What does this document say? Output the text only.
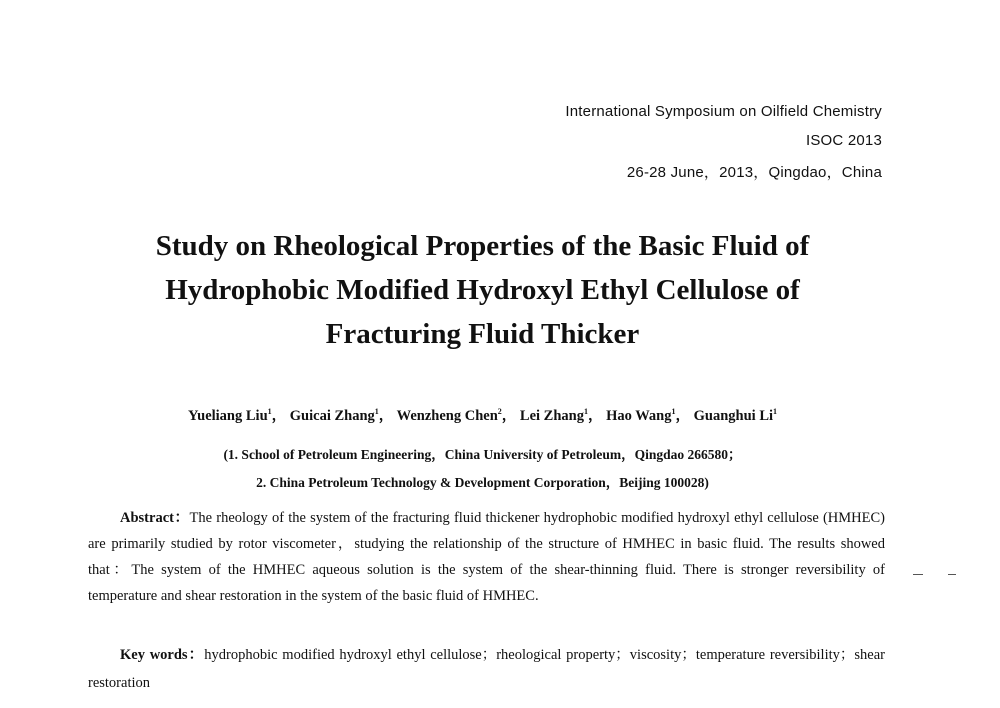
International Symposium on Oilfield Chemistry
ISOC 2013
26-28 June，2013，Qingdao，China
Study on Rheological Properties of the Basic Fluid of
Hydrophobic Modified Hydroxyl Ethyl Cellulose of
Fracturing Fluid Thicker
Yueliang Liu$^1$， Guicai Zhang$^1$， Wenzheng Chen$^2$， Lei Zhang$^1$， Hao Wang$^1$， Guanghui Li$^1$
(1. School of Petroleum Engineering，China University of Petroleum，Qingdao 266580；
2. China Petroleum Technology & Development Corporation，Beijing 100028)

Abstract：The rheology of the system of the fracturing fluid thickener hydrophobic modified hydroxyl ethyl cellulose (HMHEC) are primarily studied by rotor viscometer，studying the relationship of the structure of HMHEC in basic fluid. The results showed that：The system of the HMHEC aqueous solution is the system of the shear-thinning fluid. There is stronger reversibility of temperature and shear restoration in the system of the basic fluid of HMHEC.

Key words：hydrophobic modified hydroxyl ethyl cellulose；rheological property；viscosity；temperature reversibility；shear restoration
